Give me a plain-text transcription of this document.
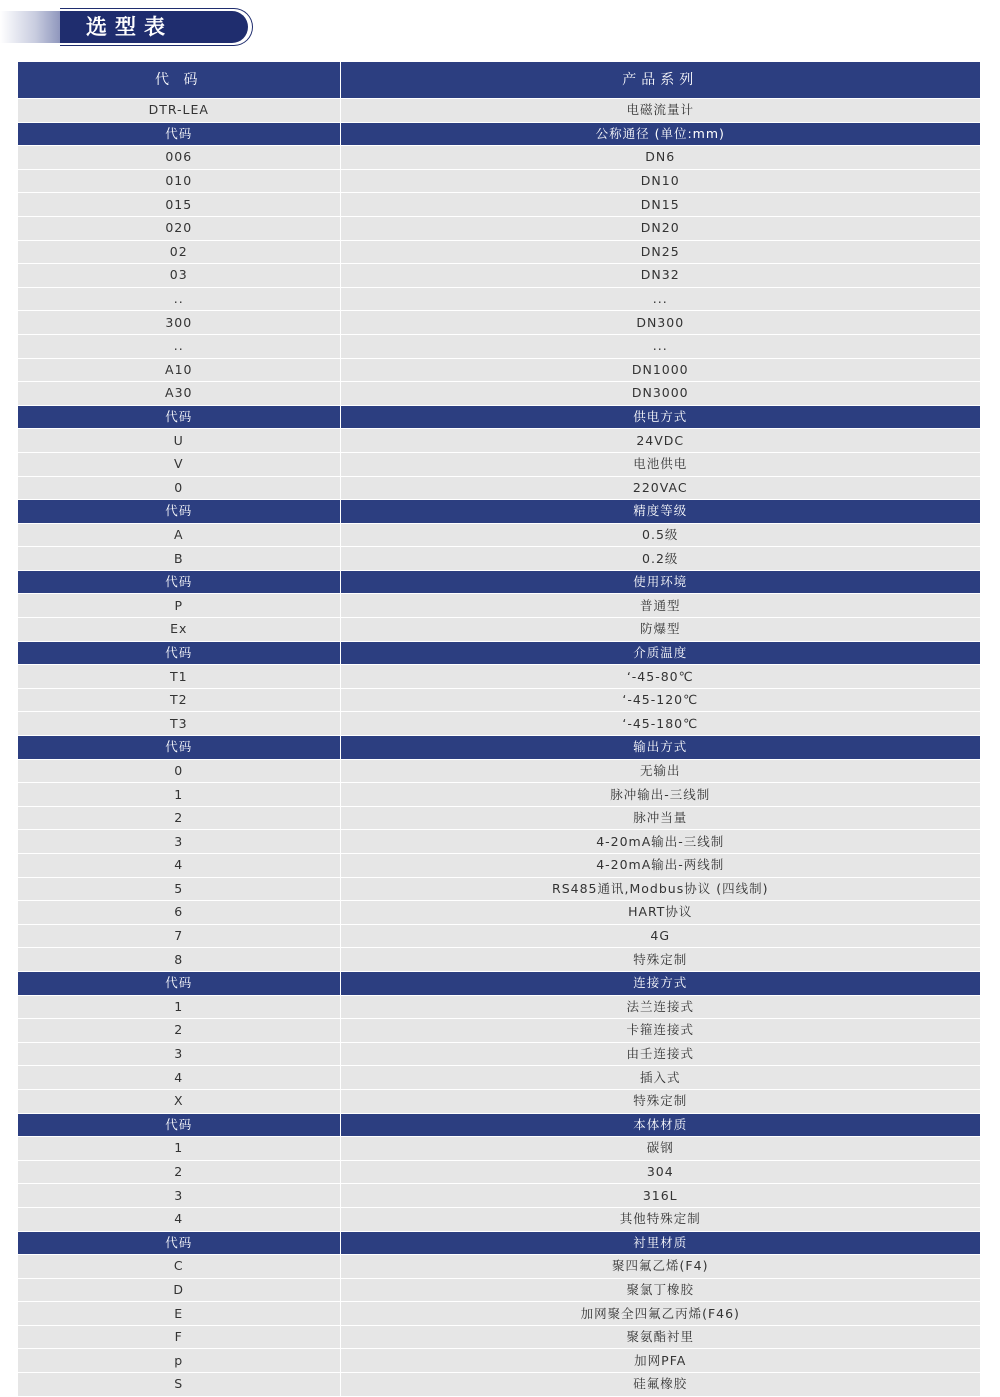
选型表
代 码	产品系列
DTR-LEA	电磁流量计
代码	公称通径 (单位:mm)
006	DN6
010	DN10
015	DN15
020	DN20
02	DN25
03	DN32
..	...
300	DN300
..	...
A10	DN1000
A30	DN3000
代码	供电方式
U	24VDC
V	电池供电
0	220VAC
代码	精度等级
A	0.5级
B	0.2级
代码	使用环境
P	普通型
Ex	防爆型
代码	介质温度
T1	‘-45-80℃
T2	‘-45-120℃
T3	‘-45-180℃
代码	输出方式
0	无输出
1	脉冲输出-三线制
2	脉冲当量
3	4-20mA输出-三线制
4	4-20mA输出-两线制
5	RS485通讯,Modbus协议 (四线制)
6	HART协议
7	4G
8	特殊定制
代码	连接方式
1	法兰连接式
2	卡箍连接式
3	由壬连接式
4	插入式
X	特殊定制
代码	本体材质
1	碳钢
2	304
3	316L
4	其他特殊定制
代码	衬里材质
C	聚四氟乙烯(F4)
D	聚氯丁橡胶
E	加网聚全四氟乙丙烯(F46)
F	聚氨酯衬里
p	加网PFA
S	硅氟橡胶
